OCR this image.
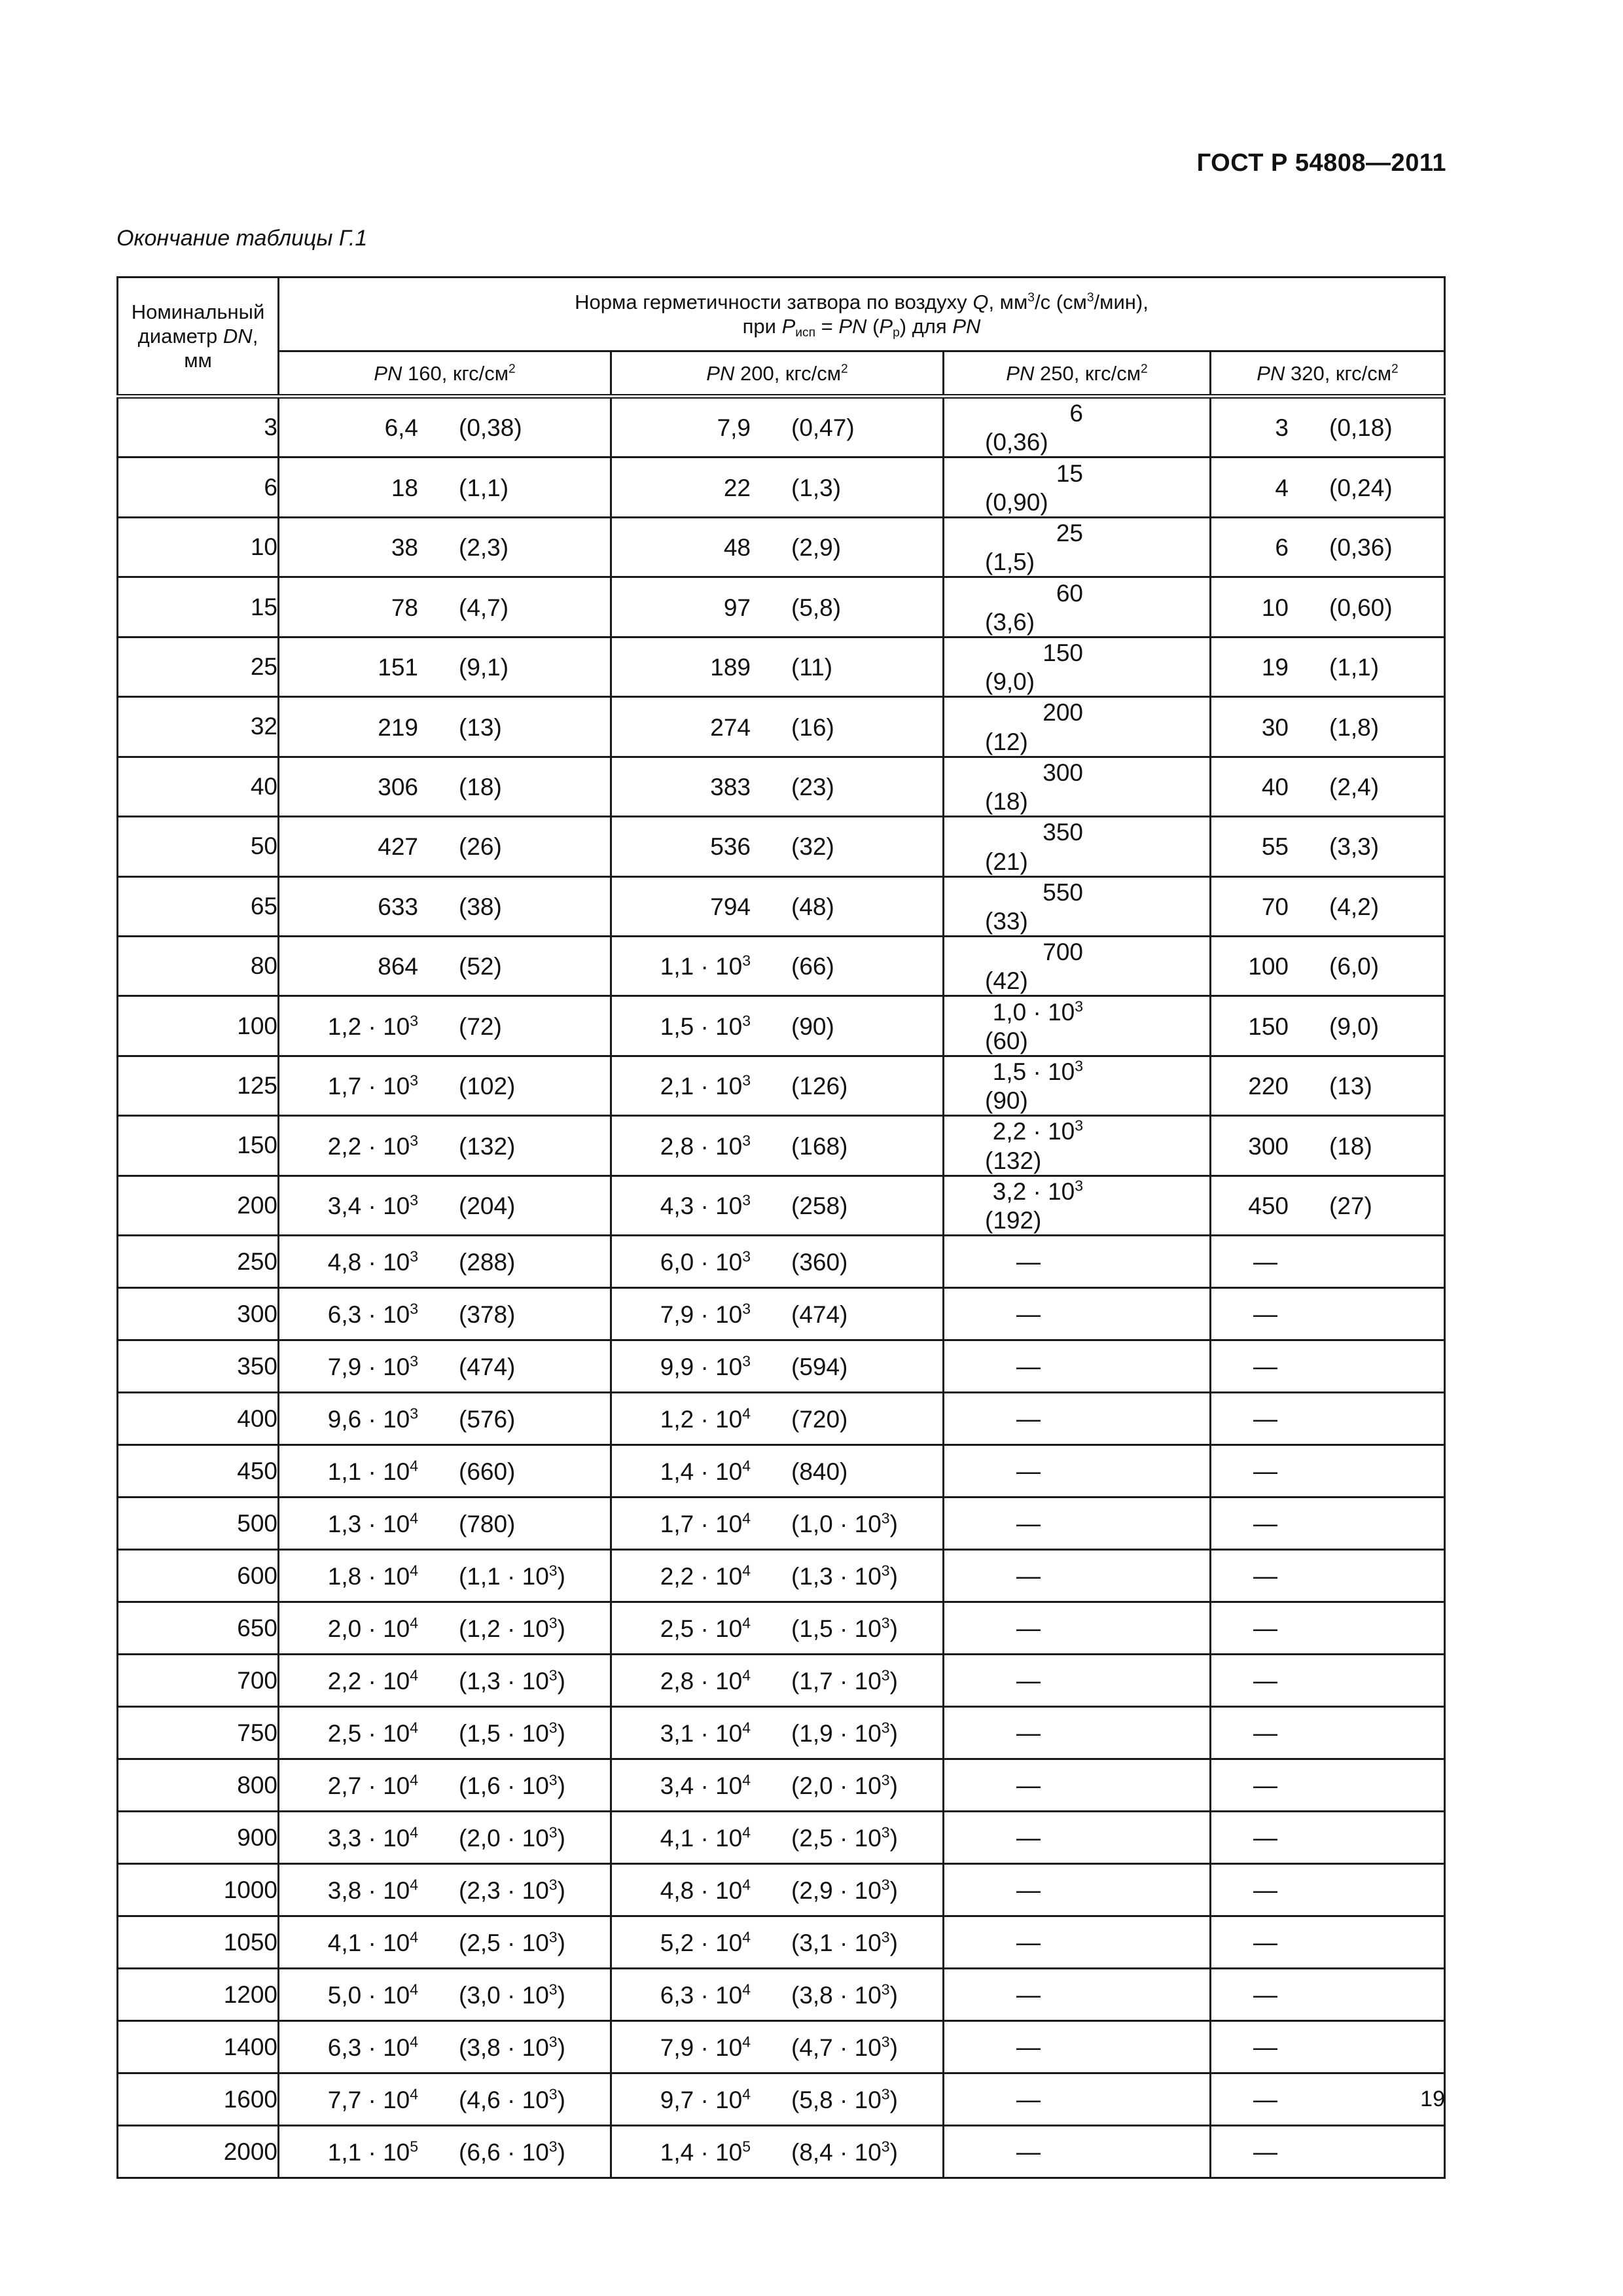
ГОСТ Р 54808—2011
Окончание таблицы Г.1
Номинальный
диаметр DN,
мм	Норма герметичности затвора по воздуху Q, $мм^3/с$ $(см^3/мин)$,
при $P_{исп}$ = PN $(P_р)$ для PN			
	PN 160, кгс/$см^2$	PN 200, кгс/$см^2$	PN 250, кгс/$см^2$	PN 320, кгс/$см^2$
3	6,4 (0,38)	7,9 (0,47)	6(0,36)	3 (0,18)
6	18 (1,1)	22 (1,3)	15(0,90)	4 (0,24)
10	38 (2,3)	48 (2,9)	25(1,5)	6 (0,36)
15	78 (4,7)	97 (5,8)	60(3,6)	10 (0,60)
25	151 (9,1)	189 (11)	150(9,0)	19 (1,1)
32	219 (13)	274 (16)	200(12)	30 (1,8)
40	306 (18)	383 (23)	300(18)	40 (2,4)
50	427 (26)	536 (32)	350(21)	55 (3,3)
65	633 (38)	794 (48)	550(33)	70 (4,2)
80	864 (52)	$1,1 \cdot 10^3$ (66)	700(42)	100 (6,0)
100	$1,2 \cdot 10^3$ (72)	$1,5 \cdot 10^3$ (90)	$1,0 \cdot 10^3(60)$	150 (9,0)
125	$1,7 \cdot 10^3$ (102)	$2,1 \cdot 10^3$ (126)	$1,5 \cdot 10^3(90)$	220 (13)
150	$2,2 \cdot 10^3$ (132)	$2,8 \cdot 10^3$ (168)	$2,2 \cdot 10^3(132)$	300 (18)
200	$3,4 \cdot 10^3$ (204)	$4,3 \cdot 10^3$ (258)	$3,2 \cdot 10^3(192)$	450 (27)
250	$4,8 \cdot 10^3$ (288)	$6,0 \cdot 10^3$ (360)	—	—
300	$6,3 \cdot 10^3$ (378)	$7,9 \cdot 10^3$ (474)	—	—
350	$7,9 \cdot 10^3$ (474)	$9,9 \cdot 10^3$ (594)	—	—
400	$9,6 \cdot 10^3$ (576)	$1,2 \cdot 10^4$ (720)	—	—
450	$1,1 \cdot 10^4$ (660)	$1,4 \cdot 10^4$ (840)	—	—
500	$1,3 \cdot 10^4$ (780)	$1,7 \cdot 10^4$ $(1,0 \cdot 10^3)$	—	—
600	$1,8 \cdot 10^4$ $(1,1 \cdot 10^3)$	$2,2 \cdot 10^4$ $(1,3 \cdot 10^3)$	—	—
650	$2,0 \cdot 10^4$ $(1,2 \cdot 10^3)$	$2,5 \cdot 10^4$ $(1,5 \cdot 10^3)$	—	—
700	$2,2 \cdot 10^4$ $(1,3 \cdot 10^3)$	$2,8 \cdot 10^4$ $(1,7 \cdot 10^3)$	—	—
750	$2,5 \cdot 10^4$ $(1,5 \cdot 10^3)$	$3,1 \cdot 10^4$ $(1,9 \cdot 10^3)$	—	—
800	$2,7 \cdot 10^4$ $(1,6 \cdot 10^3)$	$3,4 \cdot 10^4$ $(2,0 \cdot 10^3)$	—	—
900	$3,3 \cdot 10^4$ $(2,0 \cdot 10^3)$	$4,1 \cdot 10^4$ $(2,5 \cdot 10^3)$	—	—
1000	$3,8 \cdot 10^4$ $(2,3 \cdot 10^3)$	$4,8 \cdot 10^4$ $(2,9 \cdot 10^3)$	—	—
1050	$4,1 \cdot 10^4$ $(2,5 \cdot 10^3)$	$5,2 \cdot 10^4$ $(3,1 \cdot 10^3)$	—	—
1200	$5,0 \cdot 10^4$ $(3,0 \cdot 10^3)$	$6,3 \cdot 10^4$ $(3,8 \cdot 10^3)$	—	—
1400	$6,3 \cdot 10^4$ $(3,8 \cdot 10^3)$	$7,9 \cdot 10^4$ $(4,7 \cdot 10^3)$	—	—
1600	$7,7 \cdot 10^4$ $(4,6 \cdot 10^3)$	$9,7 \cdot 10^4$ $(5,8 \cdot 10^3)$	—	—
2000	$1,1 \cdot 10^5$ $(6,6 \cdot 10^3)$	$1,4 \cdot 10^5$ $(8,4 \cdot 10^3)$	—	—
19
